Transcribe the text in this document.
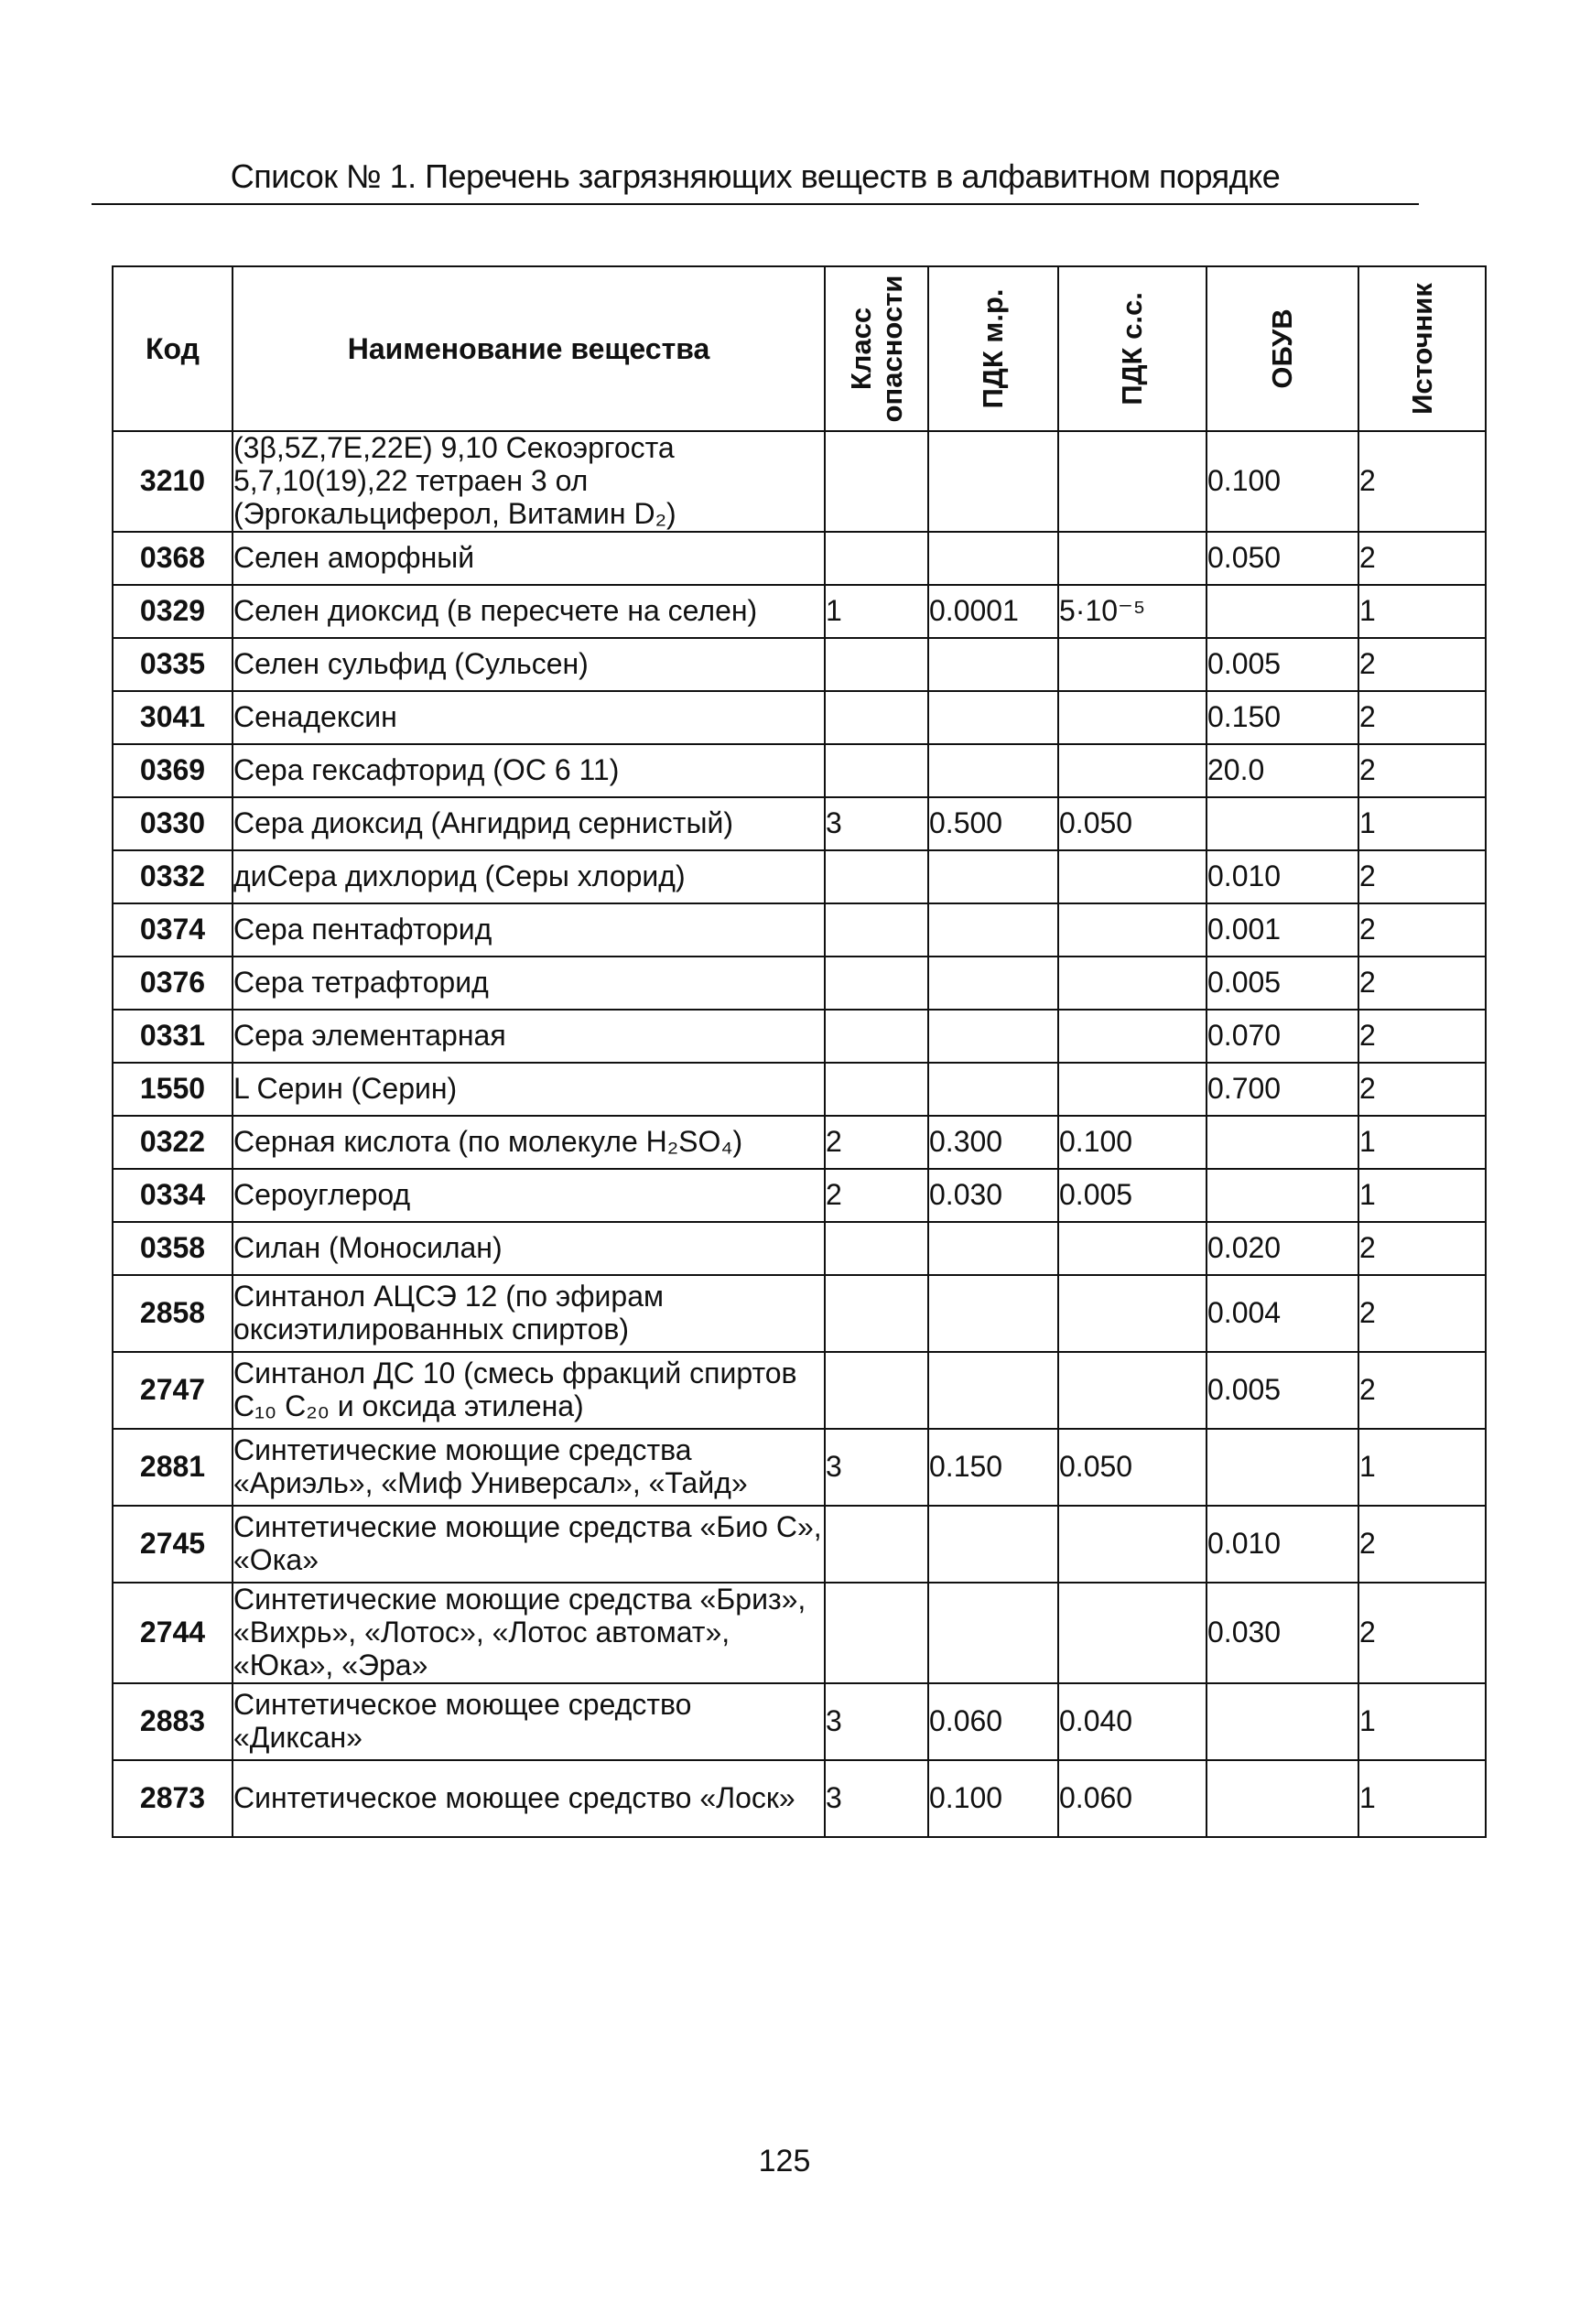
Список № 1. Перечень загрязняющих веществ в алфавитном порядке
Код	Наименование вещества	Класс опасности	ПДК м.р.	ПДК с.с.	ОБУВ	Источник

3210	(3β,5Z,7E,22E) 9,10 Секоэргоста 5,7,10(19),22 тетраен 3 ол (Эргокальциферол, Витамин D₂)				0.100	2
0368	Селен аморфный				0.050	2
0329	Селен диоксид (в пересчете на селен)	1	0.0001	5·10⁻⁵		1
0335	Селен сульфид (Сульсен)				0.005	2
3041	Сенадексин				0.150	2
0369	Сера гексафторид (ОС 6 11)				20.0	2
0330	Сера диоксид (Ангидрид сернистый)	3	0.500	0.050		1
0332	диСера дихлорид (Серы хлорид)				0.010	2
0374	Сера пентафторид				0.001	2
0376	Сера тетрафторид				0.005	2
0331	Сера элементарная				0.070	2
1550	L Серин (Серин)				0.700	2
0322	Серная кислота (по молекуле H₂SO₄)	2	0.300	0.100		1
0334	Сероуглерод	2	0.030	0.005		1
0358	Силан (Моносилан)				0.020	2
2858	Синтанол АЦСЭ 12 (по эфирам оксиэтилированных спиртов)				0.004	2
2747	Синтанол ДС 10 (смесь фракций спиртов C₁₀ C₂₀ и оксида этилена)				0.005	2
2881	Синтетические моющие средства «Ариэль», «Миф Универсал», «Тайд»	3	0.150	0.050		1
2745	Синтетические моющие средства «Био С», «Ока»				0.010	2
2744	Синтетические моющие средства «Бриз», «Вихрь», «Лотос», «Лотос автомат», «Юка», «Эра»				0.030	2
2883	Синтетическое моющее средство «Диксан»	3	0.060	0.040		1
2873	Синтетическое моющее средство «Лоск»	3	0.100	0.060		1
125
